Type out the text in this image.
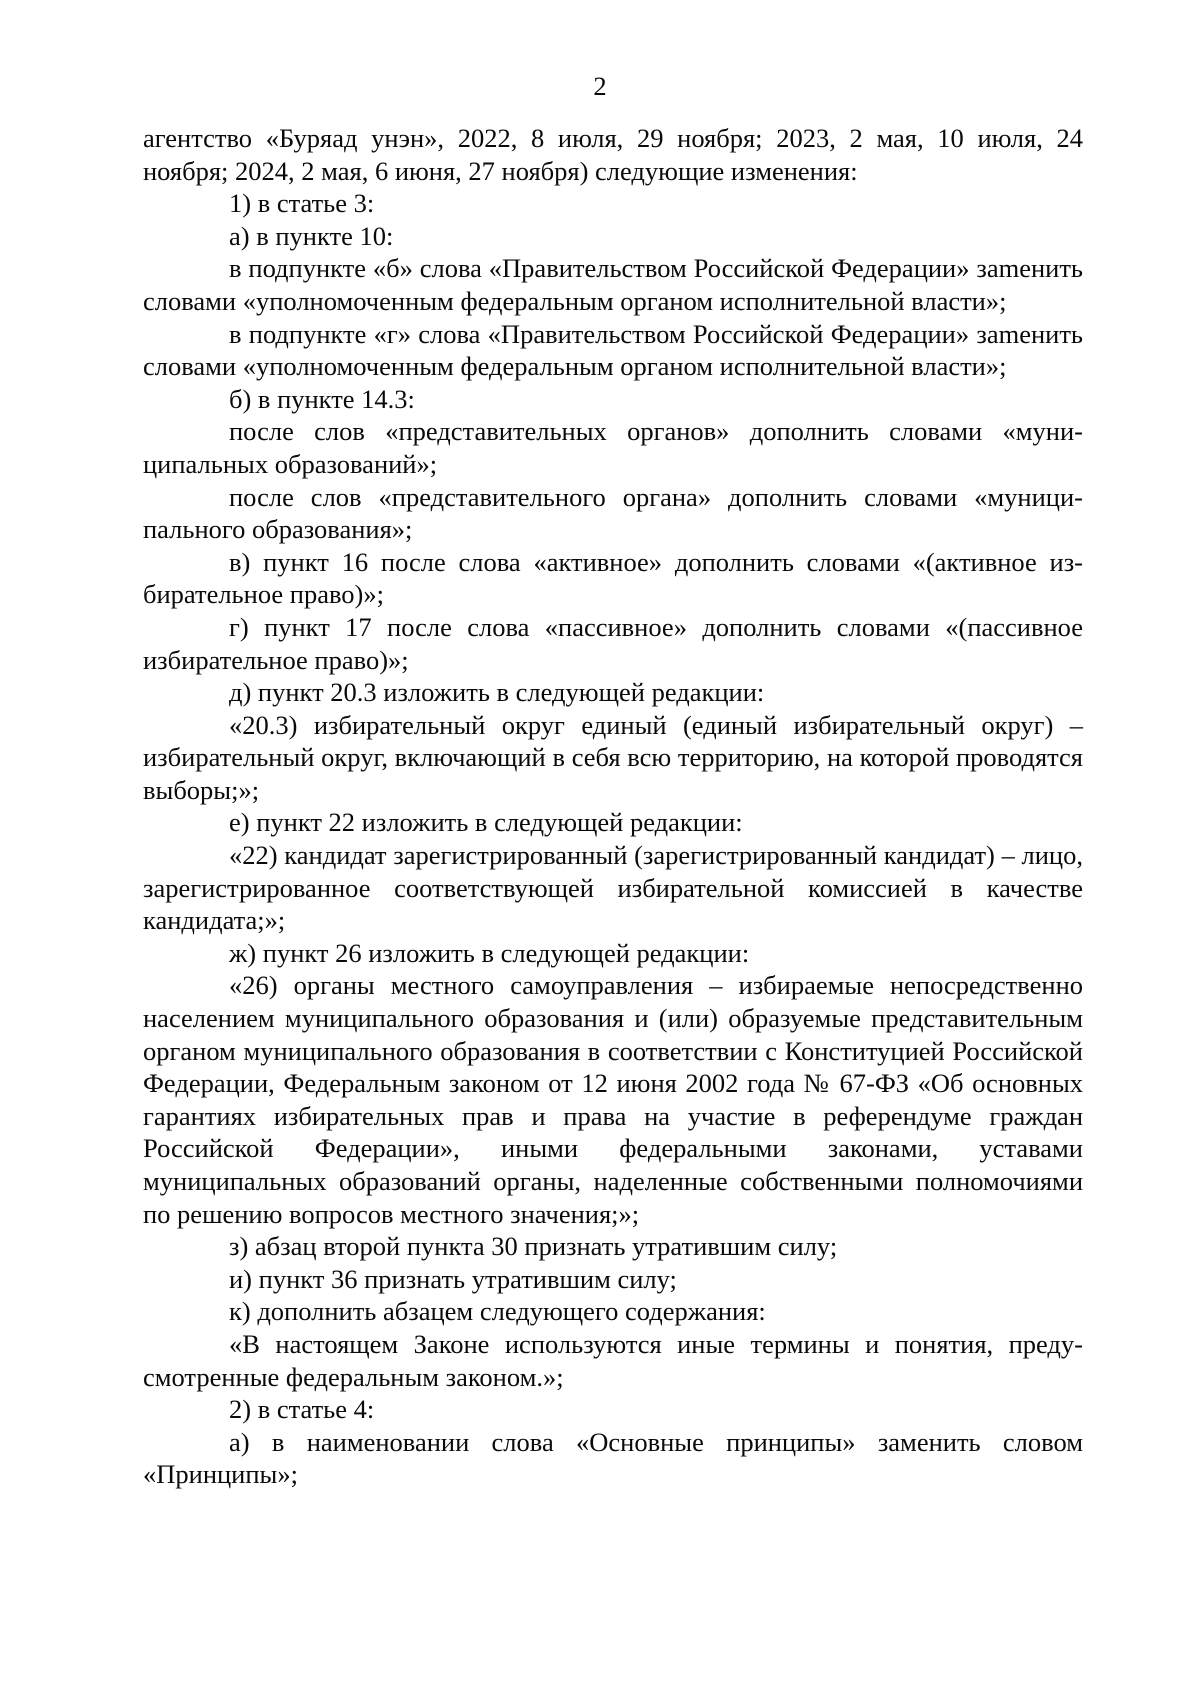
2

агентство «Буряад унэн», 2022, 8 июля, 29 ноября; 2023, 2 мая, 10 июля, 24 ноября; 2024, 2 мая, 6 июня, 27 ноября) следующие изменения:

1) в статье 3:

а) в пункте 10:

в подпункте «б» слова «Правительством Российской Федерации» заmенить словами «уполномоченным федеральным органом исполнительной власти»;

в подпункте «г» слова «Правительством Российской Федерации» заmенить словами «уполномоченным федеральным органом исполнительной власти»;

б) в пункте 14.3:

после слов «представительных органов» дополнить словами «муниципальных образований»;

после слов «представительного органа» дополнить словами «муниципального образования»;

в) пункт 16 после слова «активное» дополнить словами «(активное избирательное право)»;

г) пункт 17 после слова «пассивное» дополнить словами «(пассивное избирательное право)»;

д) пункт 20.3 изложить в следующей редакции:

«20.3) избирательный округ единый (единый избирательный округ) – избирательный округ, включающий в себя всю территорию, на которой проводятся выборы;»;

е) пункт 22 изложить в следующей редакции:

«22) кандидат зарегистрированный (зарегистрированный кандидат) – лицо, зарегистрированное соответствующей избирательной комиссией в качестве кандидата;»;

ж) пункт 26 изложить в следующей редакции:

«26) органы местного самоуправления – избираемые непосредственно населением муниципального образования и (или) образуемые представительным органом муниципального образования в соответствии с Конституцией Российской Федерации, Федеральным законом от 12 июня 2002 года № 67-ФЗ «Об основных гарантиях избирательных прав и права на участие в референдуме граждан Российской Федерации», иными федеральными законами, уставами муниципальных образований органы, наделенные собственными полномочиями по решению вопросов местного значения;»;

з) абзац второй пункта 30 признать утратившим силу;

и) пункт 36 признать утратившим силу;

к) дополнить абзацем следующего содержания:

«В настоящем Законе используются иные термины и понятия, предусмотренные федеральным законом.»;

2) в статье 4:

а) в наименовании слова «Основные принципы» заменить словом «Принципы»;
